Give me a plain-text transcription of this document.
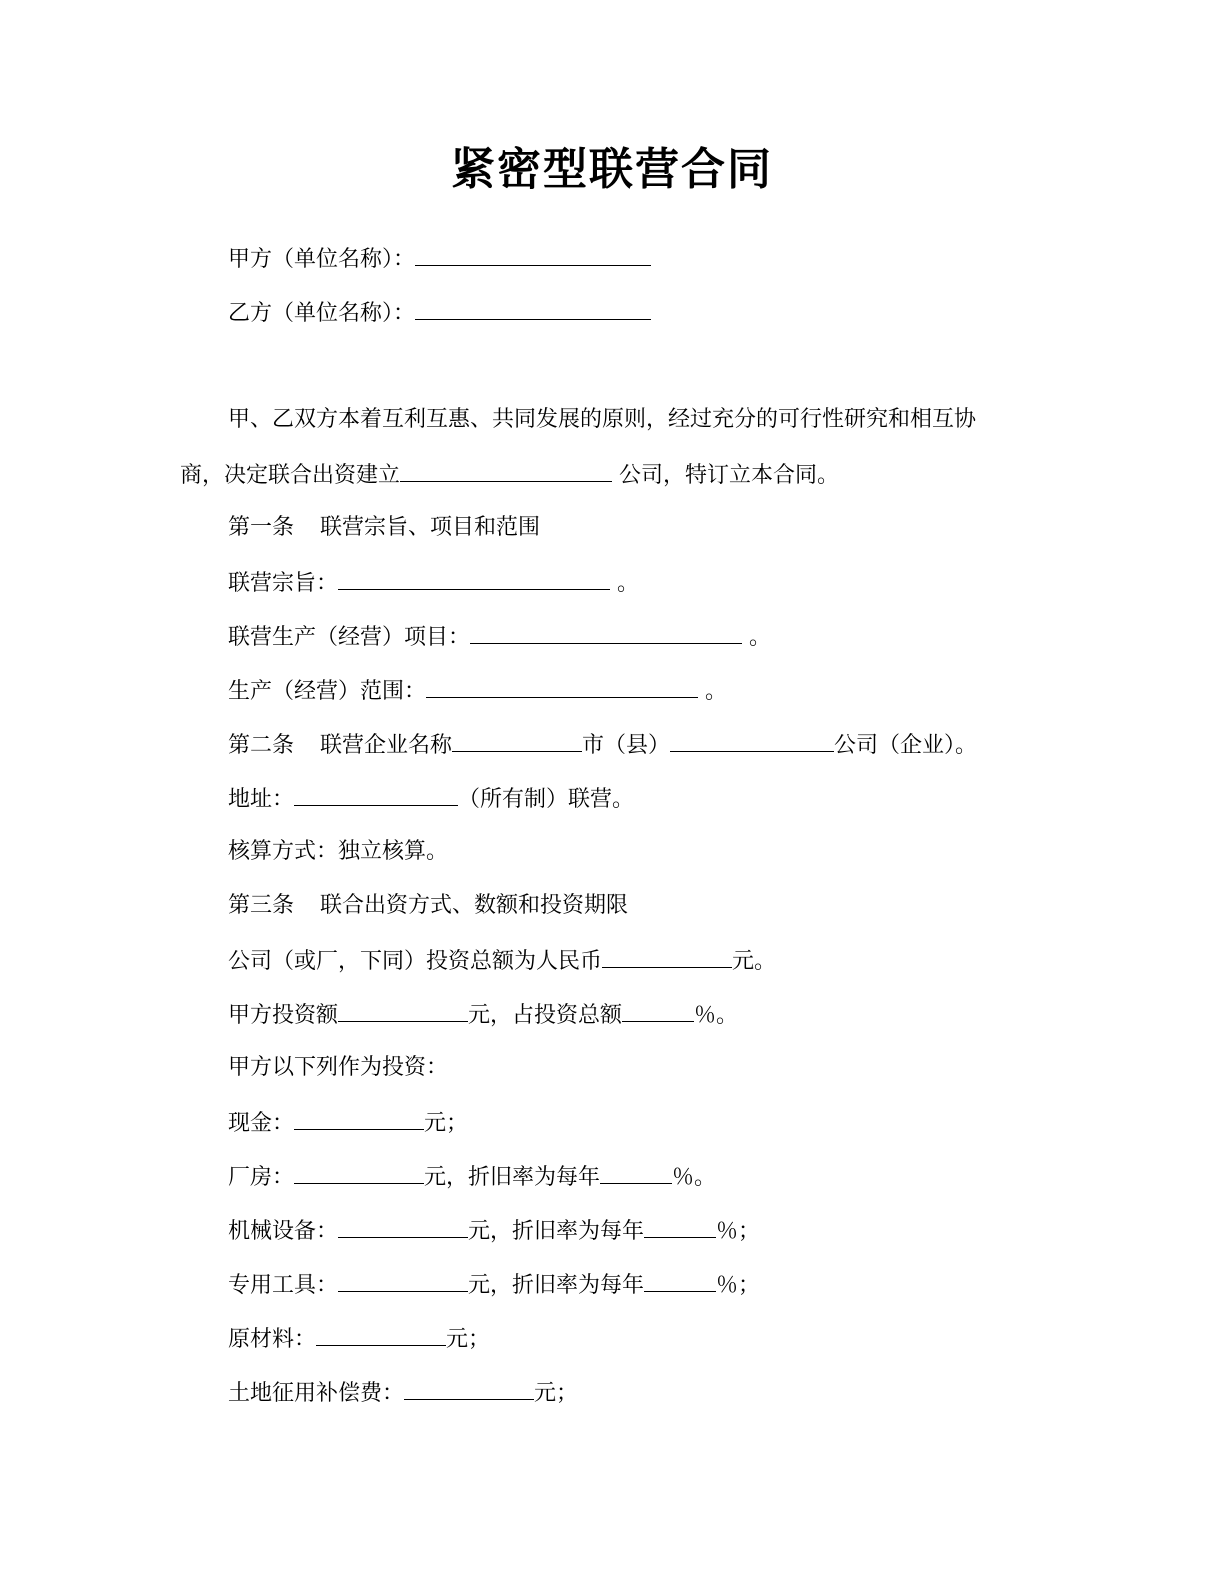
紧密型联营合同
甲方（单位名称）：
乙方（单位名称）：
甲、乙双方本着互利互惠、共同发展的原则，经过充分的可行性研究和相互协
商，决定联合出资建立	公司，特订立本合同。
第一条 联营宗旨、项目和范围
联营宗旨：	。
联营生产（经营）项目：	。
生产（经营）范围：	。
第二条 联营企业名称	市（县）	公司（企业）。
地址：	（所有制）联营。
核算方式：独立核算。
第三条 联合出资方式、数额和投资期限
公司（或厂，下同）投资总额为人民币	元。
甲方投资额	元，占投资总额	％。
甲方以下列作为投资：
现金：	元；
厂房：	元，折旧率为每年	％。
机械设备：	元，折旧率为每年	％；
专用工具：	元，折旧率为每年	％；
原材料：	元；
土地征用补偿费：	元；
